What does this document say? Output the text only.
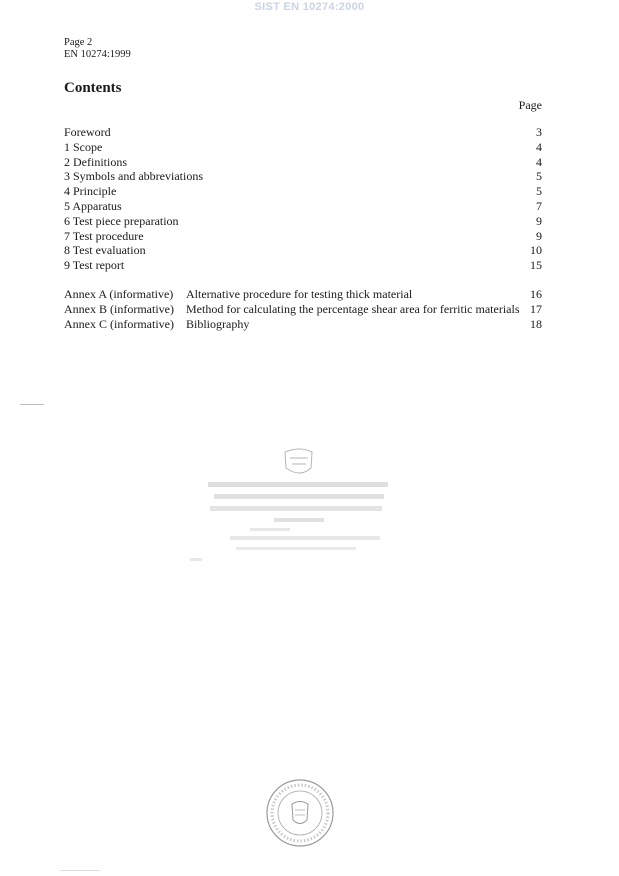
SIST EN 10274:2000
Page 2
EN 10274:1999
Contents
Page
Foreword	3
1 Scope	4
2 Definitions	4
3 Symbols and abbreviations	5
4 Principle	5
5 Apparatus	7
6 Test piece preparation	9
7 Test procedure	9
8 Test evaluation	10
9 Test report	15
Annex A (informative) Alternative procedure for testing thick material	16
Annex B (informative) Method for calculating the percentage shear area for ferritic materials 17
Annex C (informative) Bibliography	18
